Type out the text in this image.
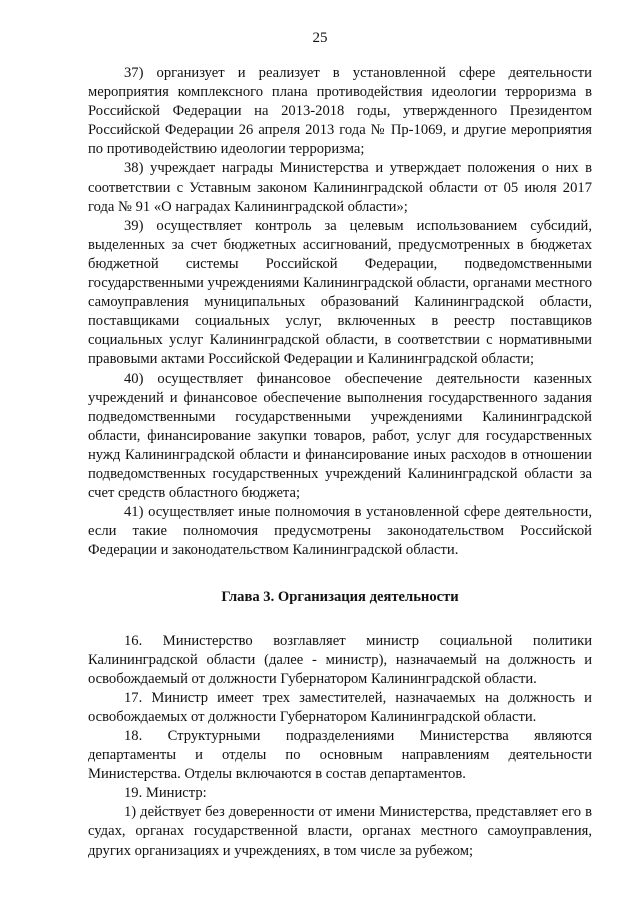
25

37) организует и реализует в установленной сфере деятельности мероприятия комплексного плана противодействия идеологии терроризма в Российской Федерации на 2013-2018 годы, утвержденного Президентом Российской Федерации 26 апреля 2013 года № Пр-1069, и другие мероприятия по противодействию идеологии терроризма;

38) учреждает награды Министерства и утверждает положения о них в соответствии с Уставным законом Калининградской области от 05 июля 2017 года № 91 «О наградах Калининградской области»;

39) осуществляет контроль за целевым использованием субсидий, выделенных за счет бюджетных ассигнований, предусмотренных в бюджетах бюджетной системы Российской Федерации, подведомственными государственными учреждениями Калининградской области, органами местного самоуправления муниципальных образований Калининградской области, поставщиками социальных услуг, включенных в реестр поставщиков социальных услуг Калининградской области, в соответствии с нормативными правовыми актами Российской Федерации и Калининградской области;

40) осуществляет финансовое обеспечение деятельности казенных учреждений и финансовое обеспечение выполнения государственного задания подведомственными государственными учреждениями Калининградской области, финансирование закупки товаров, работ, услуг для государственных нужд Калининградской области и финансирование иных расходов в отношении подведомственных государственных учреждений Калининградской области за счет средств областного бюджета;

41) осуществляет иные полномочия в установленной сфере деятельности, если такие полномочия предусмотрены законодательством Российской Федерации и законодательством Калининградской области.

Глава 3. Организация деятельности

16. Министерство возглавляет министр социальной политики Калининградской области (далее - министр), назначаемый на должность и освобождаемый от должности Губернатором Калининградской области.

17. Министр имеет трех заместителей, назначаемых на должность и освобождаемых от должности Губернатором Калининградской области.

18. Структурными подразделениями Министерства являются департаменты и отделы по основным направлениям деятельности Министерства. Отделы включаются в состав департаментов.

19. Министр:

1) действует без доверенности от имени Министерства, представляет его в судах, органах государственной власти, органах местного самоуправления, других организациях и учреждениях, в том числе за рубежом;
